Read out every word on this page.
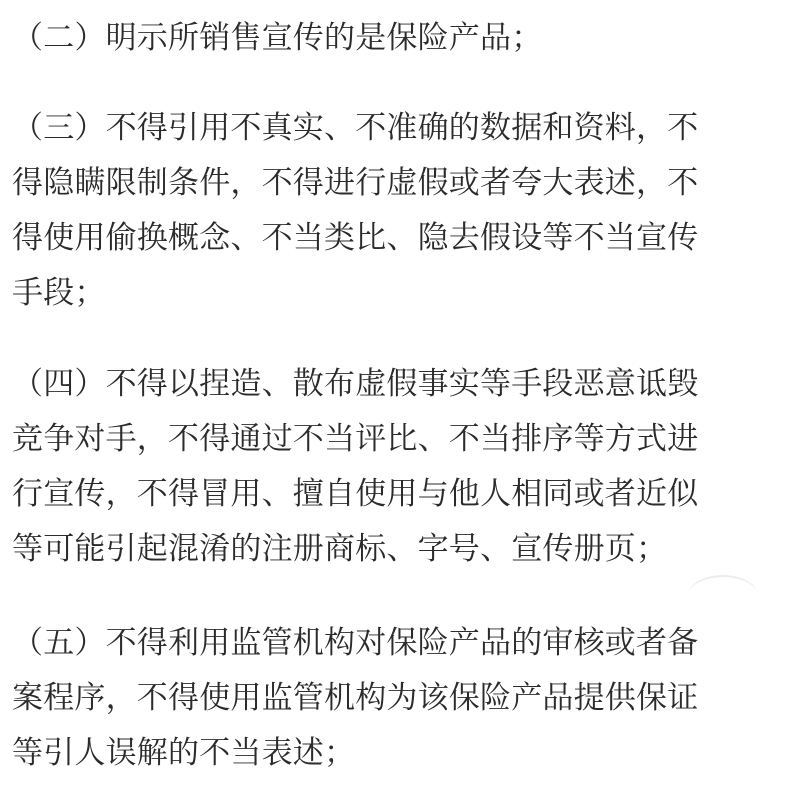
（二）明示所销售宣传的是保险产品；
（三）不得引用不真实、不准确的数据和资料，不
得隐瞒限制条件，不得进行虚假或者夸大表述，不
得使用偷换概念、不当类比、隐去假设等不当宣传
手段；
（四）不得以捏造、散布虚假事实等手段恶意诋毁
竞争对手，不得通过不当评比、不当排序等方式进
行宣传，不得冒用、擅自使用与他人相同或者近似
等可能引起混淆的注册商标、字号、宣传册页；
（五）不得利用监管机构对保险产品的审核或者备
案程序，不得使用监管机构为该保险产品提供保证
等引人误解的不当表述；
